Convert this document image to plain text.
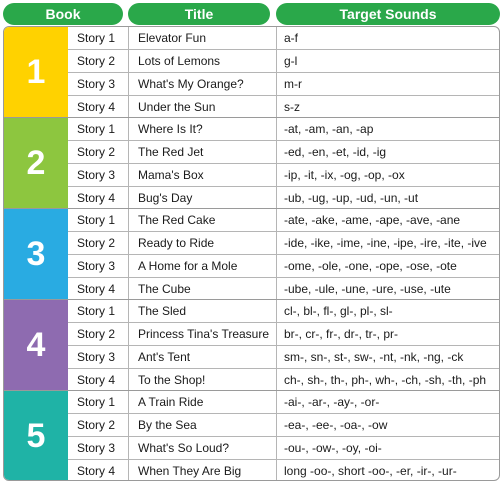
Book	Title	Target Sounds
1
Story 1	Elevator Fun	a-f
Story 2	Lots of Lemons	g-l
Story 3	What's My Orange?	m-r
Story 4	Under the Sun	s-z
2
Story 1	Where Is It?	-at, -am, -an, -ap
Story 2	The Red Jet	-ed, -en, -et, -id, -ig
Story 3	Mama's Box	-ip, -it, -ix, -og, -op, -ox
Story 4	Bug's Day	-ub, -ug, -up, -ud, -un, -ut
3
Story 1	The Red Cake	-ate, -ake, -ame, -ape, -ave, -ane
Story 2	Ready to Ride	-ide, -ike, -ime, -ine, -ipe, -ire, -ite, -ive
Story 3	A Home for a Mole	-ome, -ole, -one, -ope, -ose, -ote
Story 4	The Cube	-ube, -ule, -une, -ure, -use, -ute
4
Story 1	The Sled	cl-, bl-, fl-, gl-, pl-, sl-
Story 2	Princess Tina's Treasure	br-, cr-, fr-, dr-, tr-, pr-
Story 3	Ant's Tent	sm-, sn-, st-, sw-, -nt, -nk, -ng, -ck
Story 4	To the Shop!	ch-, sh-, th-, ph-, wh-, -ch, -sh, -th, -ph
5
Story 1	A Train Ride	-ai-, -ar-, -ay-, -or-
Story 2	By the Sea	-ea-, -ee-, -oa-, -ow
Story 3	What's So Loud?	-ou-, -ow-, -oy, -oi-
Story 4	When They Are Big	long -oo-, short -oo-, -er, -ir-, -ur-
